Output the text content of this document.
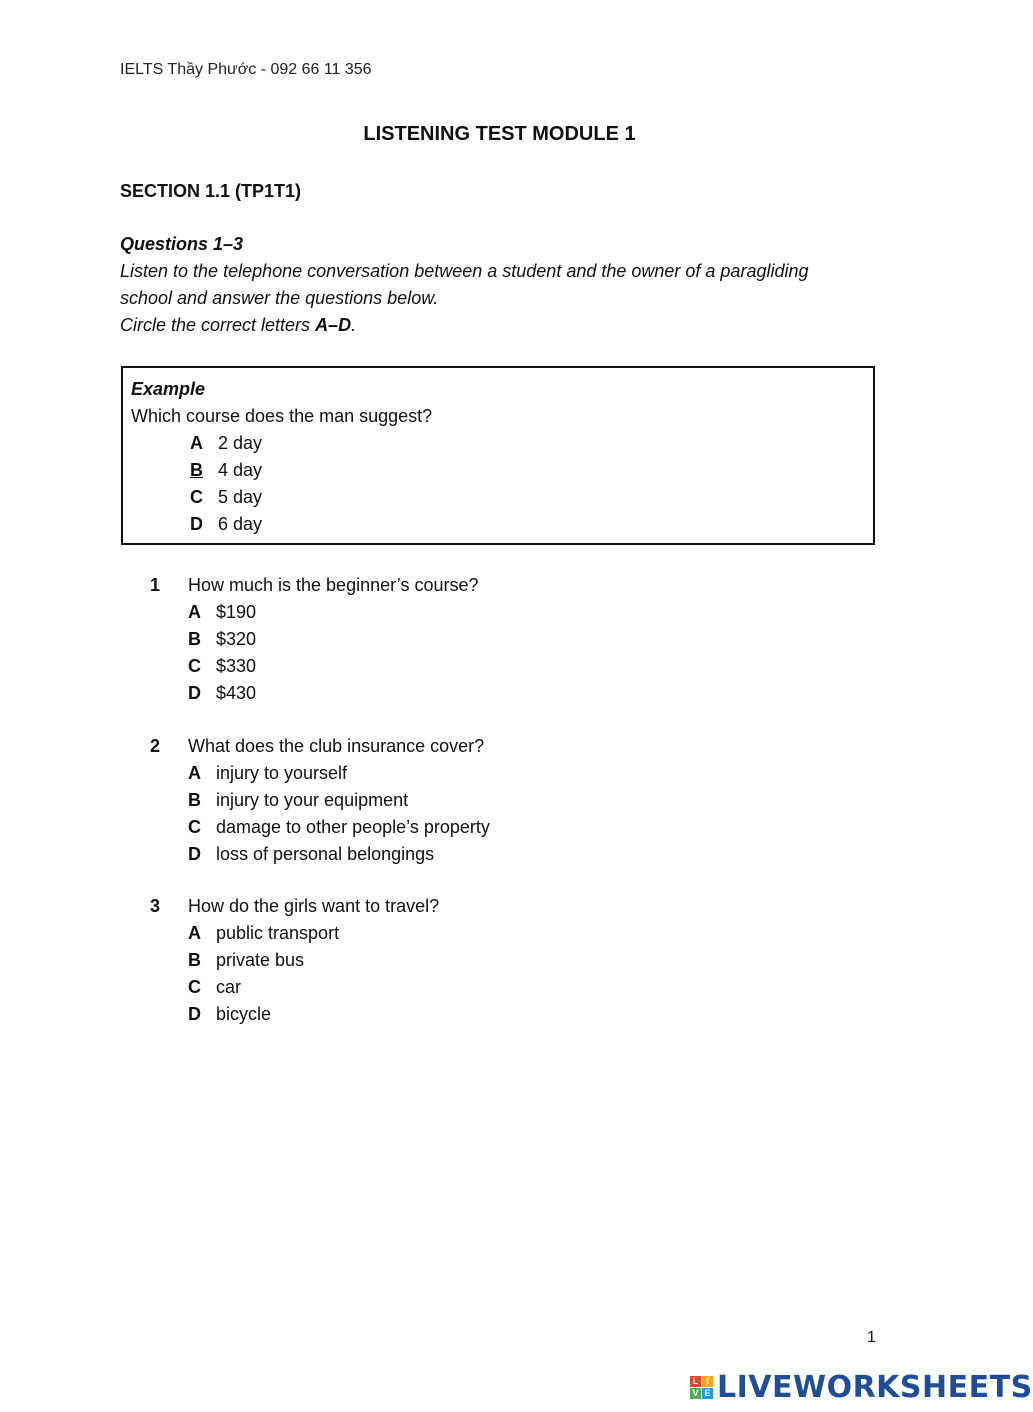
IELTS Thầy Phước - 092 66 11 356
LISTENING TEST MODULE 1
SECTION 1.1 (TP1T1)
Questions 1–3
Listen to the telephone conversation between a student and the owner of a paragliding
school and answer the questions below.
Circle the correct letters A–D.
Example
Which course does the man suggest?
A 2 day
B 4 day
C 5 day
D 6 day
1 How much is the beginner’s course?
A $190
B $320
C $330
D $430
2 What does the club insurance cover?
A injury to yourself
B injury to your equipment
C damage to other people’s property
D loss of personal belongings
3 How do the girls want to travel?
A public transport
B private bus
C car
D bicycle
1
L I
V E LIVEWORKSHEETS
